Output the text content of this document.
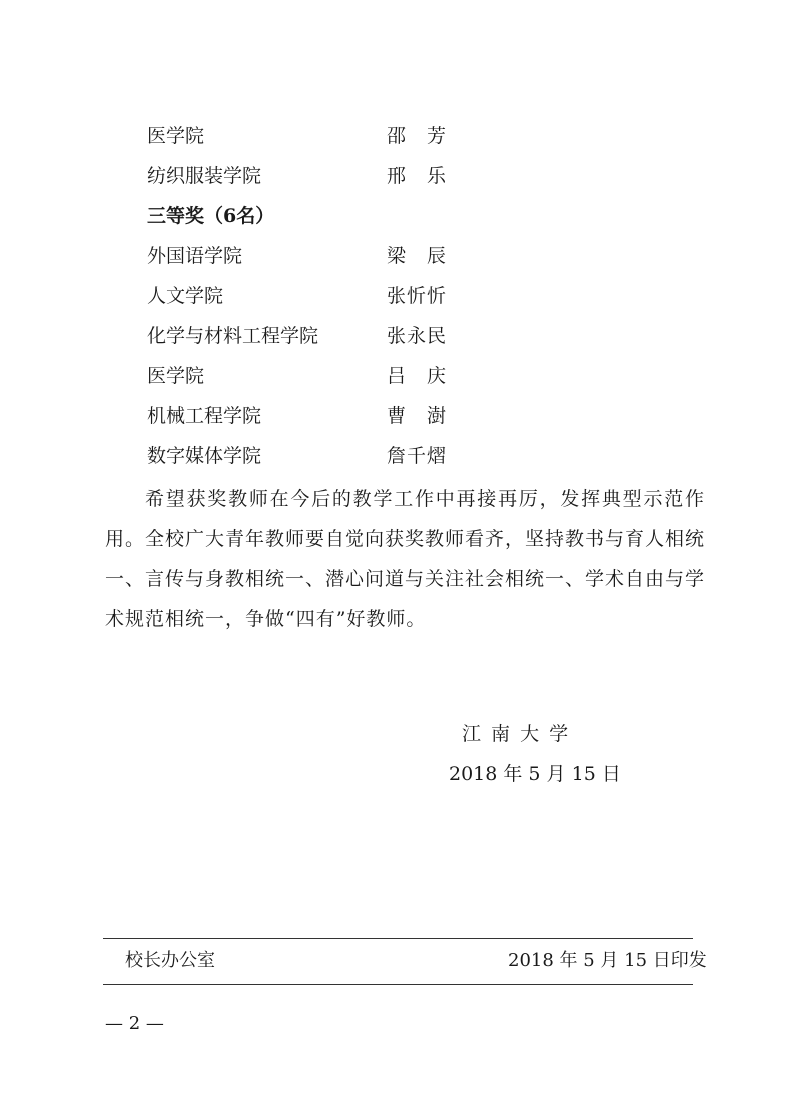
医学院	邵　芳
纺织服装学院	邢　乐
三等奖（6名）
外国语学院	梁　辰
人文学院	张忻忻
化学与材料工程学院	张永民
医学院	吕　庆
机械工程学院	曹　澍
数字媒体学院	詹千熠
希望获奖教师在今后的教学工作中再接再厉，发挥典型示范作用。全校广大青年教师要自觉向获奖教师看齐，坚持教书与育人相统一、言传与身教相统一、潜心问道与关注社会相统一、学术自由与学术规范相统一，争做“四有”好教师。
江 南 大 学
2018 年 5 月 15 日
校长办公室	2018 年 5 月 15 日印发
— 2 —
